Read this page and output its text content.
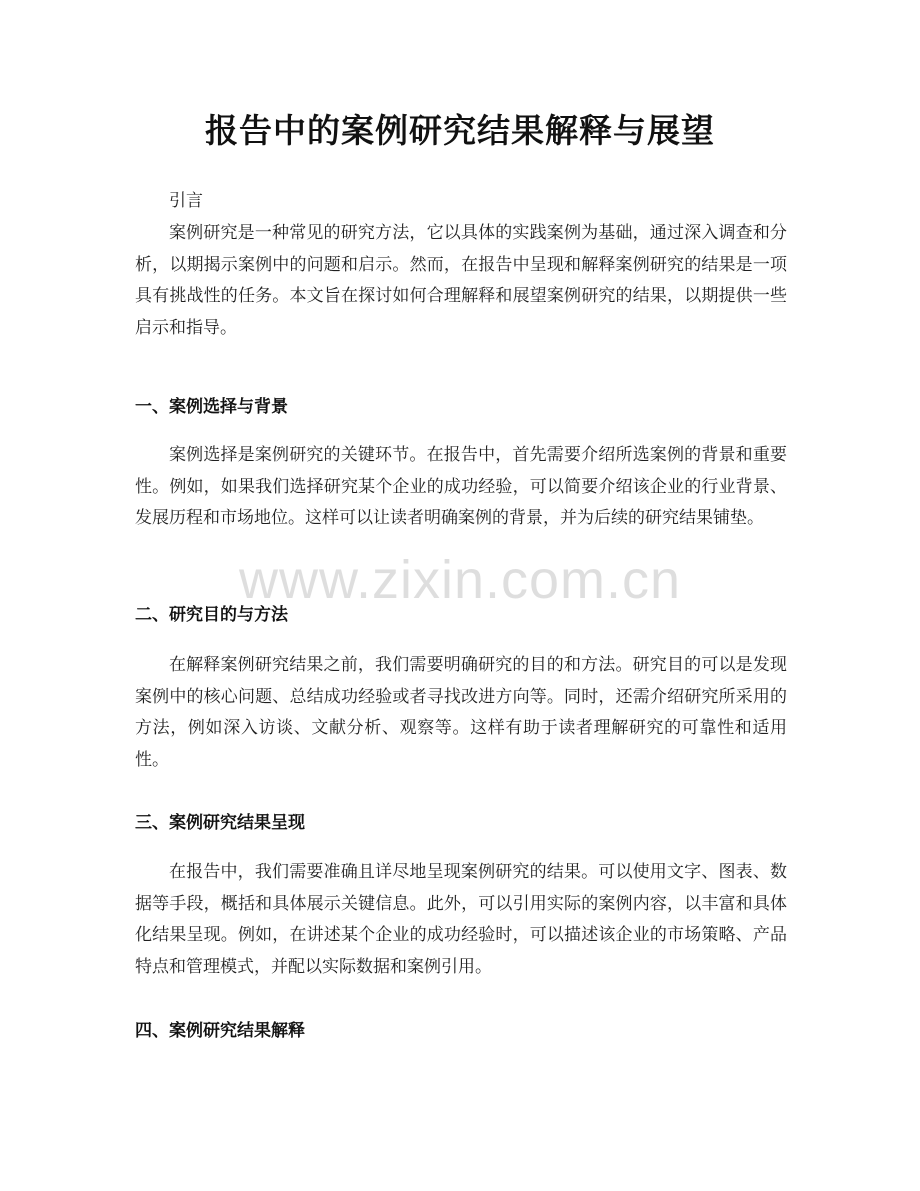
报告中的案例研究结果解释与展望
引言

案例研究是一种常见的研究方法，它以具体的实践案例为基础，通过深入调查和分析，以期揭示案例中的问题和启示。然而，在报告中呈现和解释案例研究的结果是一项具有挑战性的任务。本文旨在探讨如何合理解释和展望案例研究的结果，以期提供一些启示和指导。

一、案例选择与背景

案例选择是案例研究的关键环节。在报告中，首先需要介绍所选案例的背景和重要性。例如，如果我们选择研究某个企业的成功经验，可以简要介绍该企业的行业背景、发展历程和市场地位。这样可以让读者明确案例的背景，并为后续的研究结果铺垫。

二、研究目的与方法

在解释案例研究结果之前，我们需要明确研究的目的和方法。研究目的可以是发现案例中的核心问题、总结成功经验或者寻找改进方向等。同时，还需介绍研究所采用的方法，例如深入访谈、文献分析、观察等。这样有助于读者理解研究的可靠性和适用性。

三、案例研究结果呈现

在报告中，我们需要准确且详尽地呈现案例研究的结果。可以使用文字、图表、数据等手段，概括和具体展示关键信息。此外，可以引用实际的案例内容，以丰富和具体化结果呈现。例如，在讲述某个企业的成功经验时，可以描述该企业的市场策略、产品特点和管理模式，并配以实际数据和案例引用。

四、案例研究结果解释
www.zixin.com.cn
